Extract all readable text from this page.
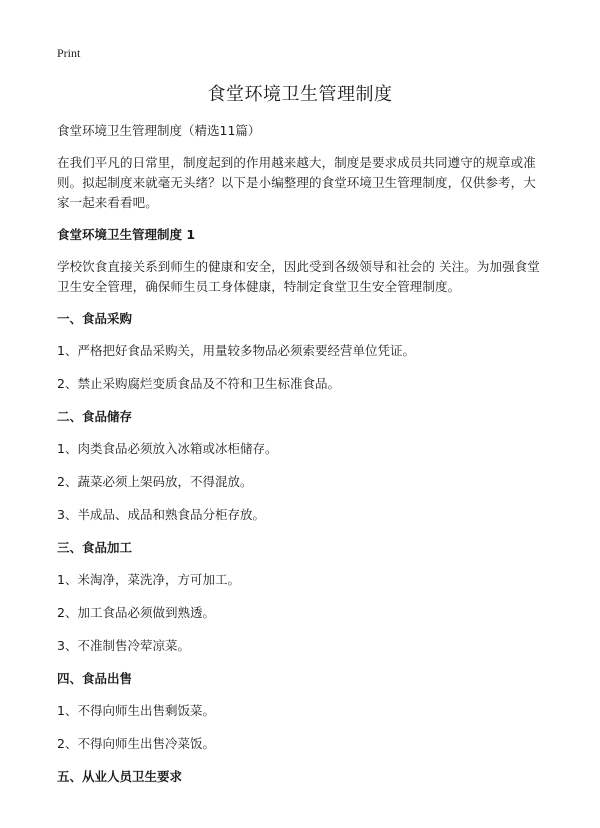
Print
食堂环境卫生管理制度

食堂环境卫生管理制度（精选11篇）

在我们平凡的日常里，制度起到的作用越来越大，制度是要求成员共同遵守的规章或准则。拟起制度来就毫无头绪？以下是小编整理的食堂环境卫生管理制度，仅供参考，大家一起来看看吧。

食堂环境卫生管理制度 1

学校饮食直接关系到师生的健康和安全，因此受到各级领导和社会的 关注。为加强食堂卫生安全管理，确保师生员工身体健康，特制定食堂卫生安全管理制度。

一、食品采购

1、严格把好食品采购关，用量较多物品必须索要经营单位凭证。

2、禁止采购腐烂变质食品及不符和卫生标准食品。

二、食品储存

1、肉类食品必须放入冰箱或冰柜储存。

2、蔬菜必须上架码放，不得混放。

3、半成品、成品和熟食品分柜存放。

三、食品加工

1、米淘净，菜洗净，方可加工。

2、加工食品必须做到熟透。

3、不准制售冷荤凉菜。

四、食品出售

1、不得向师生出售剩饭菜。

2、不得向师生出售冷菜饭。

五、从业人员卫生要求
